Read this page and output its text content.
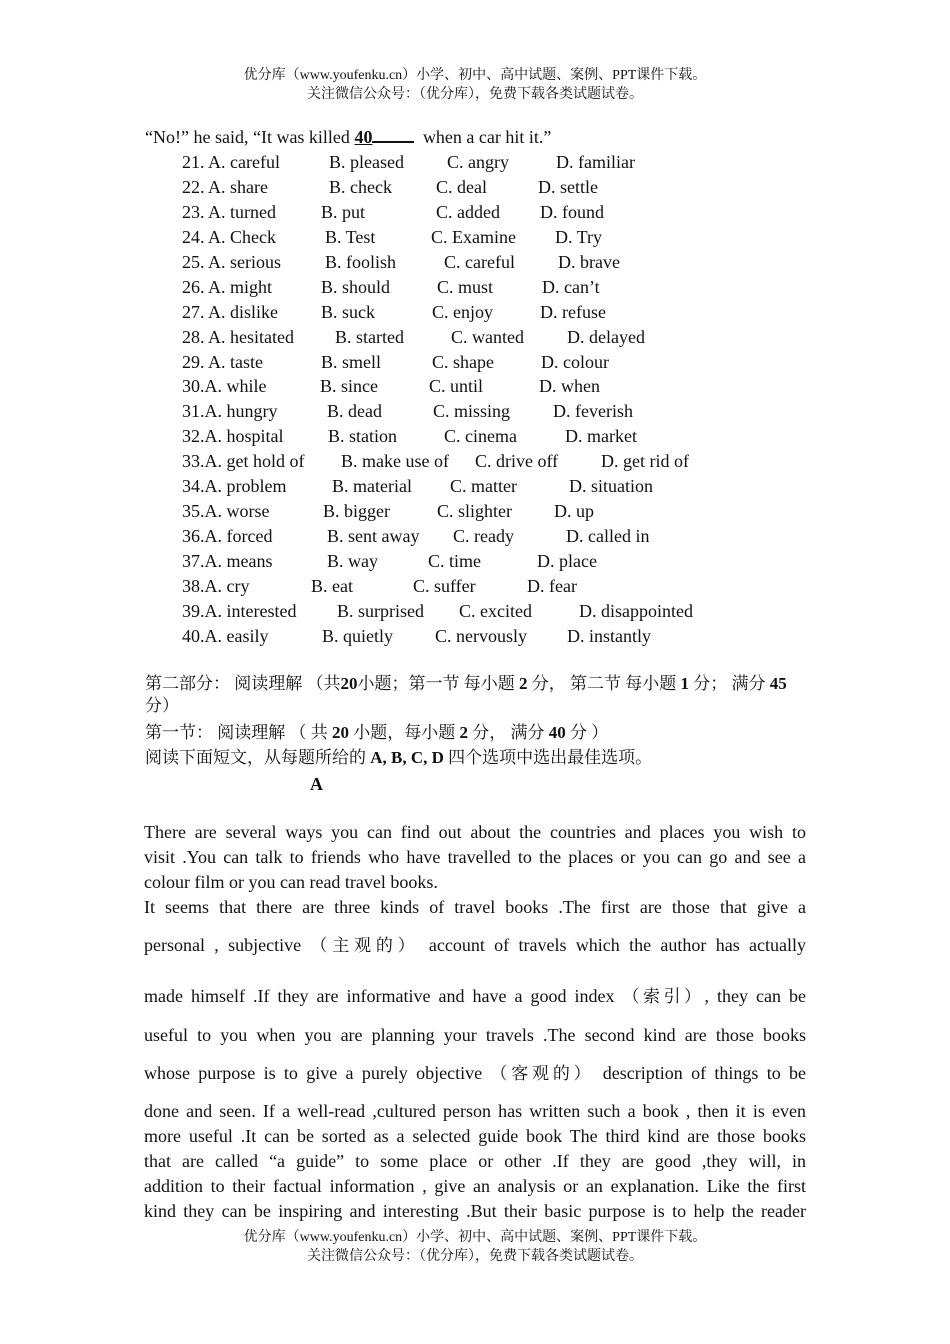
优分库（www.youfenku.cn）小学、初中、高中试题、案例、PPT课件下载。
关注微信公众号：（优分库），免费下载各类试题试卷。
“No!” he said, “It was killed 40	when a car hit it.”
21. A. careful	B. pleased C. angry	D. familiar
22. A. share	B. check C. deal	D. settle
23. A. turned	B. put	C. added D. found
24. A. Check	B. Test	C. Examine D. Try
25. A. serious B. foolish	C. careful D. brave
26. A. might	B. should	C. must	D. can’t
27. A. dislike B. suck	C. enjoy	D. refuse
28. A. hesitated B. started	C. wanted D. delayed
29. A. taste	B. smell	C. shape	D. colour
30.A. while	B. since	C. until	D. when
31.A. hungry	B. dead	C. missing D. feverish
32.A. hospital B. station	C. cinema	D. market
33.A. get hold of B. make use of C. drive off D. get rid of
34.A. problem	B. material C. matter	D. situation
35.A. worse	B. bigger	C. slighter D. up
36.A. forced	B. sent away C. ready	D. called in
37.A. means	B. way	C. time	D. place
38.A. cry	B. eat	C. suffer	D. fear
39.A. interested B. surprised C. excited	D. disappointed
40.A. easily	B. quietly C. nervously D. instantly
第二部分： 阅读理解 （共20小题；第一节 每小题 2 分， 第二节 每小题 1 分； 满分 45 分）
第一节： 阅读理解 （ 共 20 小题，每小题 2 分， 满分 40 分 ）
阅读下面短文，从每题所给的 A, B, C, D 四个选项中选出最佳选项。
A
There are several ways you can find out about the countries and places you wish to
visit .You can talk to friends who have travelled to the places or you can go and see a
colour film or you can read travel books.
It seems that there are three kinds of travel books .The first are those that give a
personal , subjective （主观的） account of travels which the author has actually
made himself .If they are informative and have a good index （索引）, they can be
useful to you when you are planning your travels .The second kind are those books
whose purpose is to give a purely objective （客观的） description of things to be
done and seen. If a well-read ,cultured person has written such a book , then it is even
more useful .It can be sorted as a selected guide book The third kind are those books
that are called “a guide” to some place or other .If they are good ,they will, in
addition to their factual information , give an analysis or an explanation. Like the first
kind they can be inspiring and interesting .But their basic purpose is to help the reader
优分库（www.youfenku.cn）小学、初中、高中试题、案例、PPT课件下载。
关注微信公众号：（优分库），免费下载各类试题试卷。
